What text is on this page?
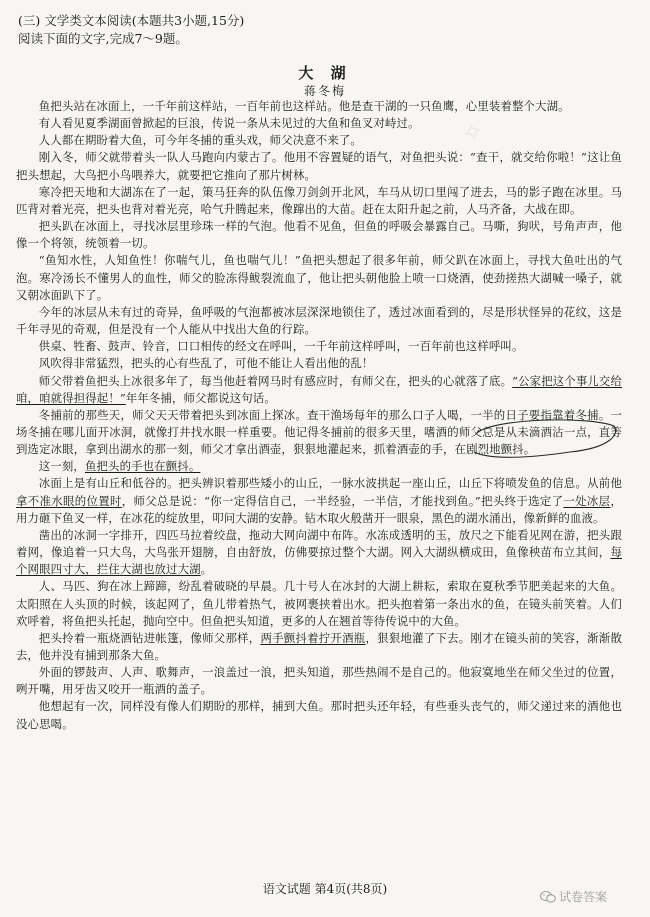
✧
(三) 文学类文本阅读(本题共3小题,15分)
阅读下面的文字,完成7～9题。
大 湖
蒋冬梅

鱼把头站在冰面上，一千年前这样站，一百年前也这样站。他是查干湖的一只鱼鹰，心里装着整个大湖。

有人看见夏季湖面曾掀起的巨浪，传说一条从未见过的大鱼和鱼叉对峙过。

人人都在期盼着大鱼，可今年冬捕的重头戏，师父决意不来了。

刚入冬，师父就带着头一队人马跑向内蒙古了。他用不容置疑的语气，对鱼把头说：“查干，就交给你啦！”这让鱼把头想起，大鸟把小鸟喂养大，就要把它推向了那片树林。

寒冷把天地和大湖冻在了一起，策马狂奔的队伍像刀剑剑开北风，车马从切口里闯了进去，马的影子跑在冰里。马匹背对着光亮，把头也背对着光亮，哈气升腾起来，像蹿出的大苗。赶在太阳升起之前，人马齐备，大战在即。

把头趴在冰面上，寻找冰层里珍珠一样的气泡。他看不见鱼，但鱼的呼吸会暴露自己。马嘶，狗吠，号角声声，他像一个将领，统领着一切。

“鱼知水性，人知鱼性！你喘气儿，鱼也喘气儿！”鱼把头想起了很多年前，师父趴在冰面上，寻找大鱼吐出的气泡。寒冷汤长不懂男人的血性，师父的脸冻得鲅裂流血了，他让把头朝他脸上喷一口烧酒，使劲搓热大湖喊一嗓子，就又朝冰面趴下了。

今年的冰层从未有过的奇异，鱼呼吸的气泡都被冰层深深地锁住了，透过冰面看到的，尽是形状怪异的花纹，这是千年寻见的奇观，但是没有一个人能从中找出大鱼的行踪。

供桌、牲畜、鼓声、铃音，口口相传的经文在呼叫，一千年前这样呼叫，一百年前也这样呼叫。

风吹得非常猛烈，把头的心有些乱了，可他不能让人看出他的乱！

师父带着鱼把头上冰很多年了，每当他赶着网马时有感应时，有师父在，把头的心就落了底。“公家把这个事儿交给咱，咱就得担得起！”年年冬捕，师父都说这句话。

冬捕前的那些天，师父天天带着把头到冰面上探冰。查干渔场每年的那么口子人喝，一半的日子要指靠着冬捕。一场冬捕在哪儿面开冰洞，就像打井找水眼一样重要。他记得冬捕前的很多天里，嗜酒的师父总是从未滴酒沾一点，直等到选定冰眼，拿到出湖水的那一刻，师父才拿出酒壶，狠狠地灌起来，抓着酒壶的手，在剧烈地颤抖。

这一刻，鱼把头的手也在颤抖。

冰面上是有山丘和低谷的。把头辨识着那些矮小的山丘，一脉水波拱起一座山丘，山丘下将喷发鱼的信息。从前他拿不准水眼的位置时，师父总是说：“你一定得信自己，一半经验，一半信，才能找到鱼。”把头终于选定了一处冰层，用力砸下鱼叉一样，在冰花的绽放里，叩问大湖的安静。钻木取火般凿开一眼泉，黑色的湖水涌出，像新鲜的血液。

凿出的冰洞一字排开，四匹马拉着绞盘，拖动大网向湖中布阵。水冻成透明的玉，放尺之下能看见网在游，把头跟着网，像追着一只大鸟，大鸟张开翅膀，自由舒放，仿佛要掠过整个大湖。网入大湖纵横成田，鱼像秧苗布立其间，每个网眼四寸大，拦住大湖也放过大湖。

人、马匹、狗在冰上蹄蹄，纷乱着破晓的早晨。几十号人在冰封的大湖上耕耘，索取在夏秋季节肥美起来的大鱼。太阳照在人头顶的时候，该起网了，鱼儿带着热气，被网裹挟着出水。把头抱着第一条出水的鱼，在镜头前笑着。人们欢呼着，将鱼把头托起，抛向空中。但鱼把头知道，更多的人在翘首等待传说中的大鱼。

把头拎着一瓶烧酒钻进帐篷，像师父那样，两手颤抖着拧开酒瓶，狠狠地灌了下去。刚才在镜头前的笑容，渐渐散去，他并没有捕到那条大鱼。

外面的锣鼓声、人声、歌舞声，一浪盖过一浪，把头知道，那些热闹不是自己的。他寂寞地坐在师父坐过的位置，咧开嘴，用牙齿又咬开一瓶酒的盖子。

他想起有一次，同样没有像人们期盼的那样，捕到大鱼。那时把头还年轻，有些垂头丧气的，师父递过来的酒他也没心思喝。

语文试题 第4页(共8页)
试卷答案
